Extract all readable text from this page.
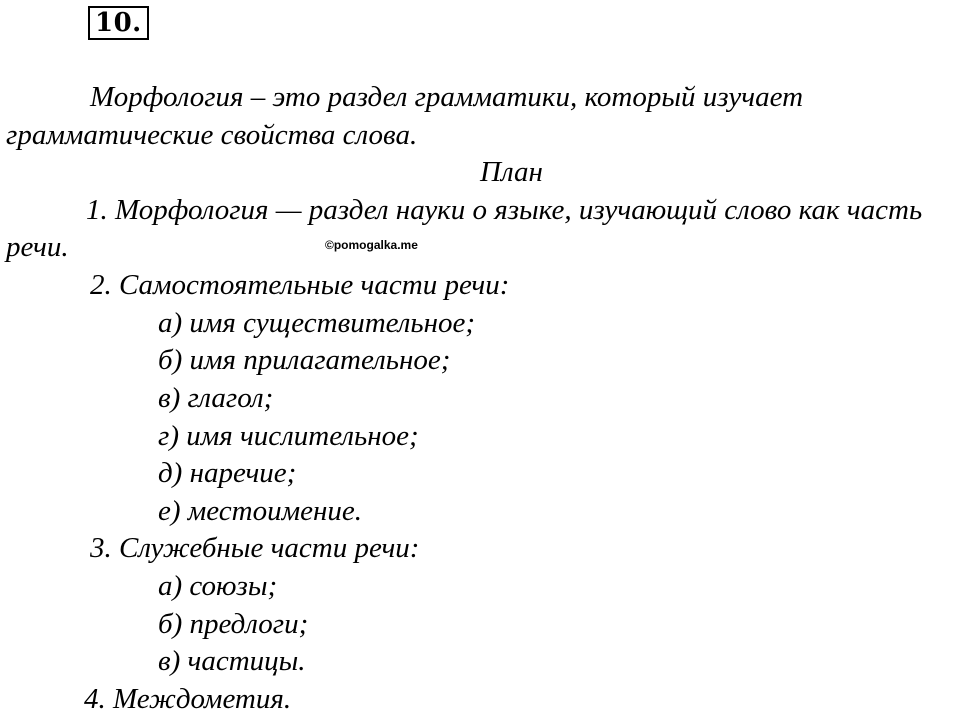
10.
Морфология – это раздел грамматики, который изучает
грамматические свойства слова.
План
1. Морфология — раздел науки о языке, изучающий слово как часть
речи.	©pomogalka.me
2. Самостоятельные части речи:
а) имя существительное;
б) имя прилагательное;
в) глагол;
г) имя числительное;
д) наречие;
е) местоимение.
3. Служебные части речи:
а) союзы;
б) предлоги;
в) частицы.
4. Междометия.
